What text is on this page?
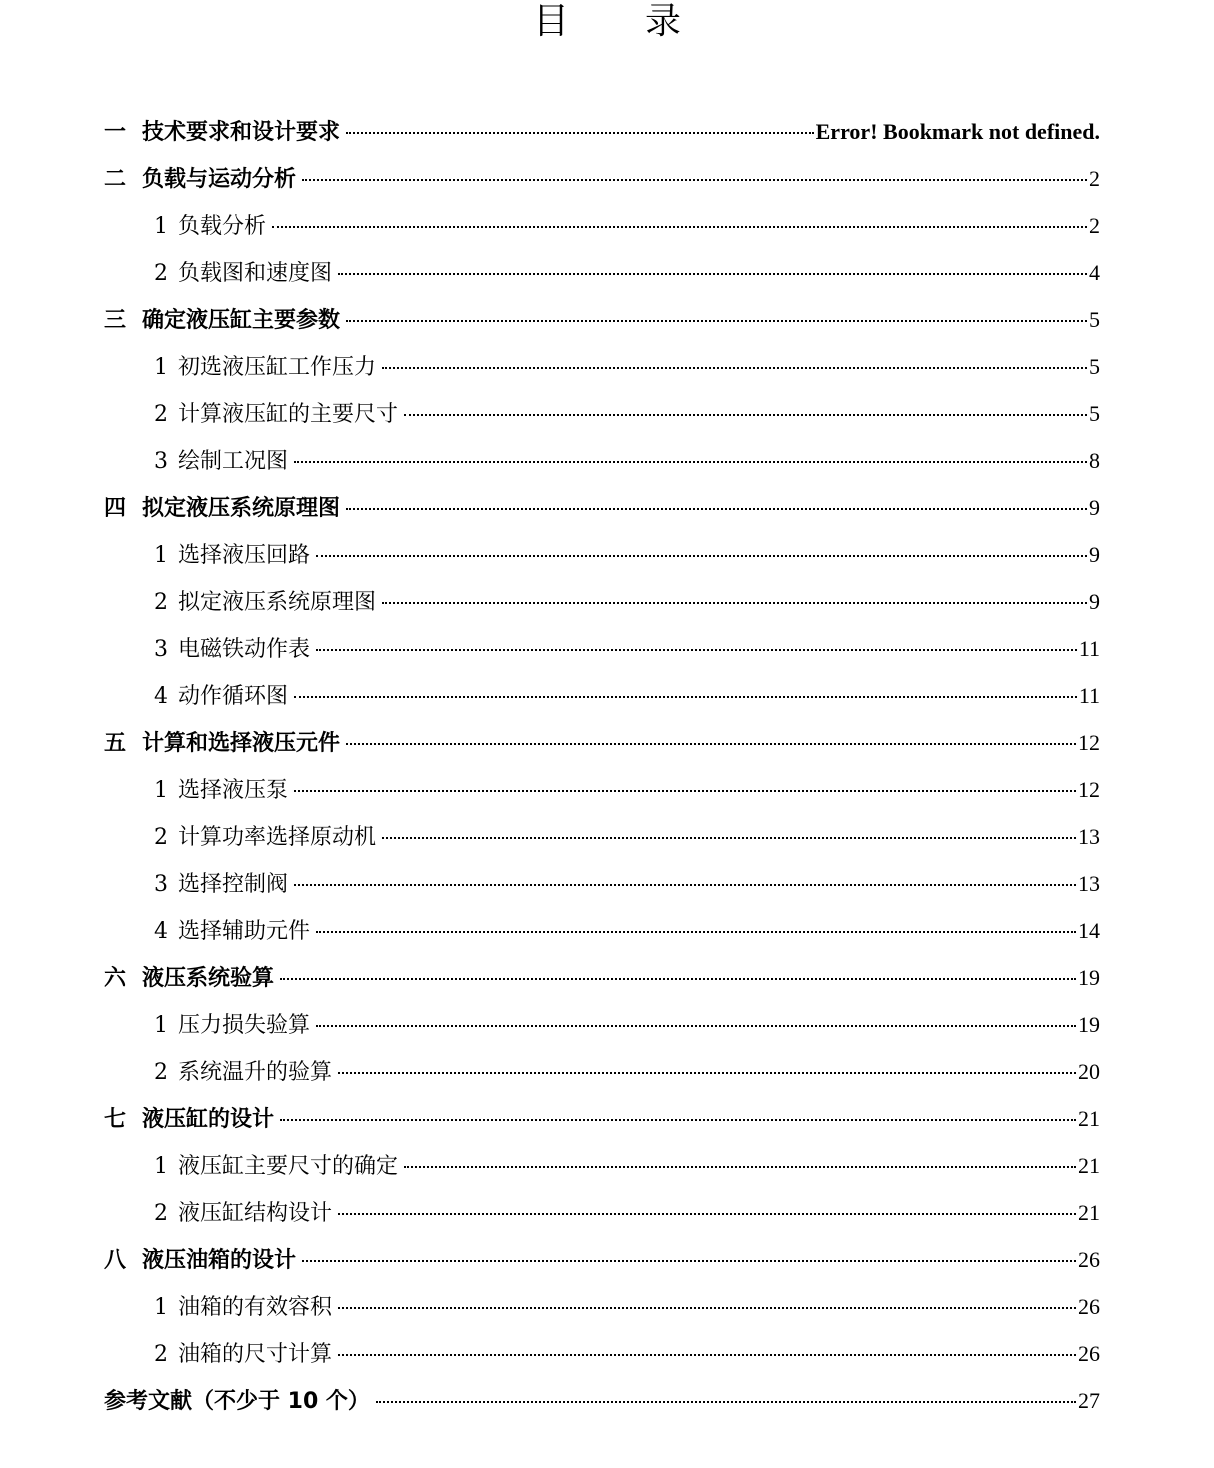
目录
一 技术要求和设计要求	Error! Bookmark not defined.
二 负载与运动分析	2
1 负载分析	2
2 负载图和速度图	4
三 确定液压缸主要参数	5
1 初选液压缸工作压力	5
2 计算液压缸的主要尺寸	5
3 绘制工况图	8
四 拟定液压系统原理图	9
1 选择液压回路	9
2 拟定液压系统原理图	9
3 电磁铁动作表	11
4 动作循环图	11
五 计算和选择液压元件	12
1 选择液压泵	12
2 计算功率选择原动机	13
3 选择控制阀	13
4 选择辅助元件	14
六 液压系统验算	19
1 压力损失验算	19
2 系统温升的验算	20
七 液压缸的设计	21
1 液压缸主要尺寸的确定	21
2 液压缸结构设计	21
八 液压油箱的设计	26
1 油箱的有效容积	26
2 油箱的尺寸计算	26
参考文献（不少于 10 个）	27
